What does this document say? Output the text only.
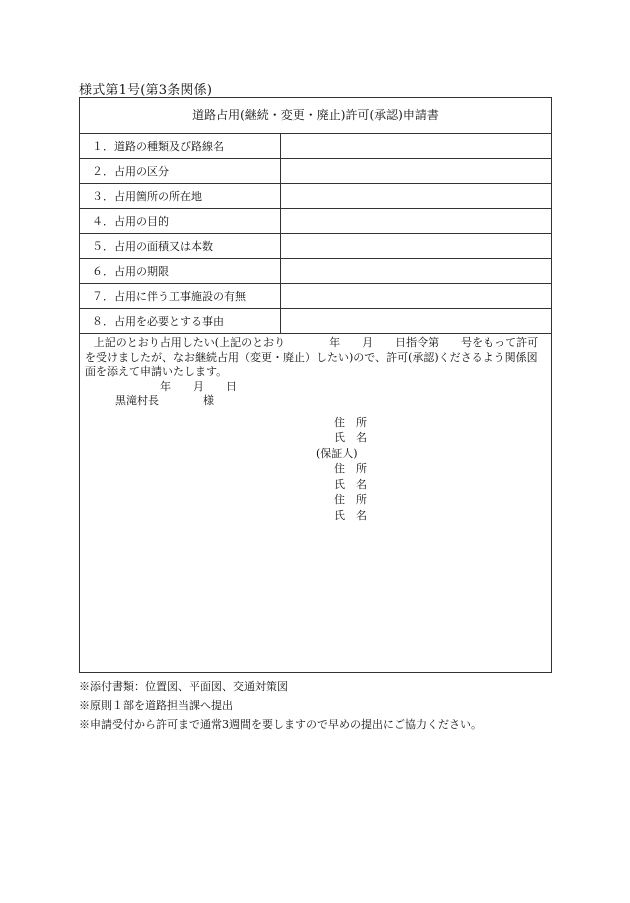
様式第1号(第3条関係)
道路占用(継続・変更・廃止)許可(承認)申請書
１．道路の種類及び路線名	
２．占用の区分	
３．占用箇所の所在地	
４．占用の目的	
５．占用の面積又は本数	
６．占用の期限	
７．占用に伴う工事施設の有無	
８．占用を必要とする事由	

上記のとおり占用したい(上記のとおり　　　　年　　月　　日指令第　　号をもって許可を受けましたが、なお継続占用（変更・廃止）したい)ので、許可(承認)くださるよう関係図面を添えて申請いたします。

年　　月　　日

黒滝村長　　　　様

住　所
氏　名
(保証人)
住　所
氏　名
住　所
氏　名
※添付書類：位置図、平面図、交通対策図
※原則１部を道路担当課へ提出
※申請受付から許可まで通常3週間を要しますので早めの提出にご協力ください。
